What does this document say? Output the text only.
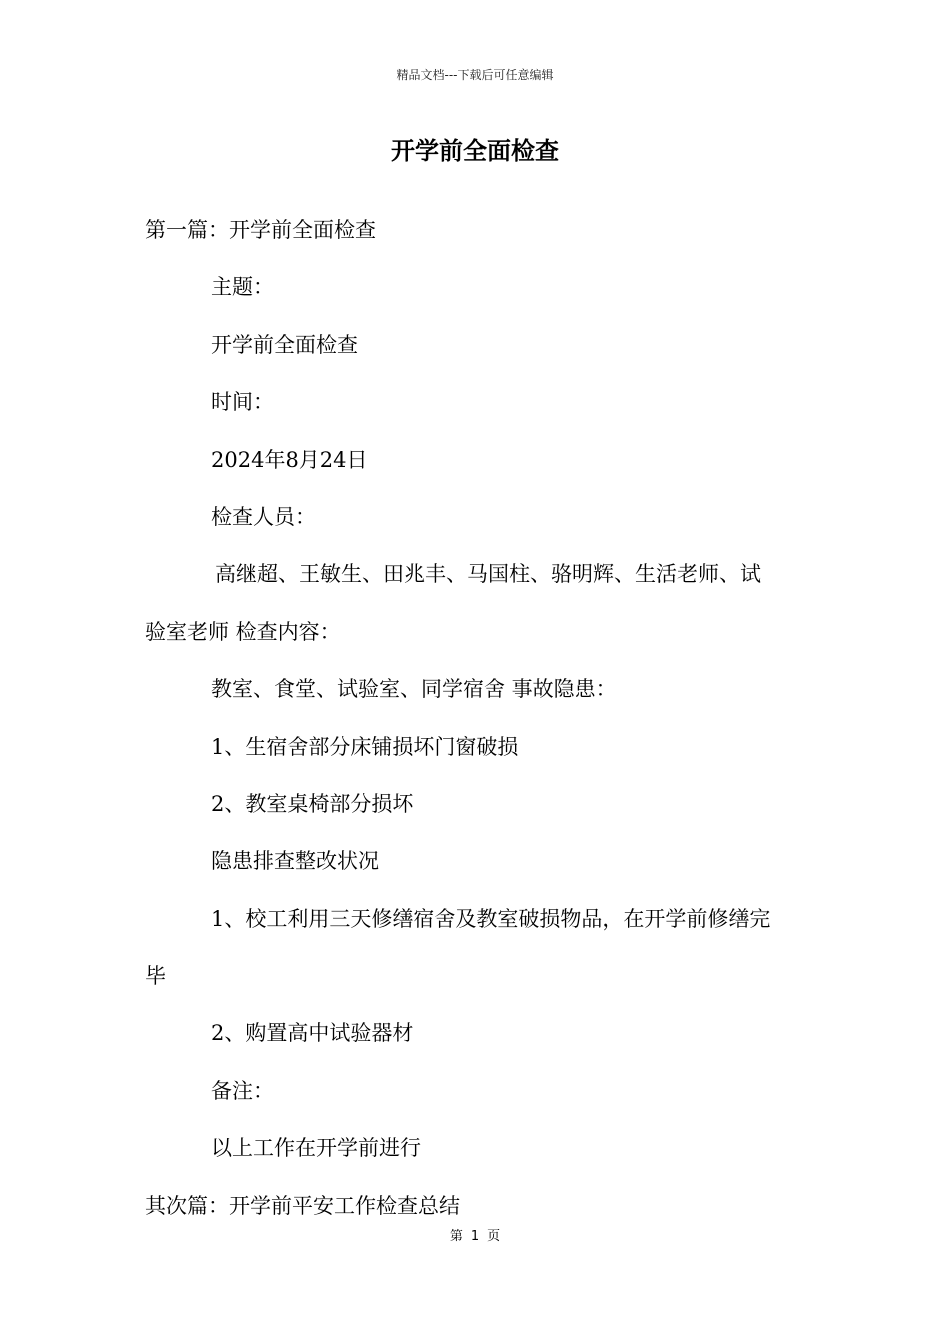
精品文档---下载后可任意编辑
开学前全面检查
第一篇：开学前全面检查
主题：
开学前全面检查
时间：
2024年8月24日
检查人员：
高继超、王敏生、田兆丰、马国柱、骆明辉、生活老师、试
验室老师 检查内容：
教室、食堂、试验室、同学宿舍 事故隐患：
1、生宿舍部分床铺损坏门窗破损
2、教室桌椅部分损坏
隐患排查整改状况
1、校工利用三天修缮宿舍及教室破损物品，在开学前修缮完
毕
2、购置高中试验器材
备注：
以上工作在开学前进行
其次篇：开学前平安工作检查总结
第 1 页
